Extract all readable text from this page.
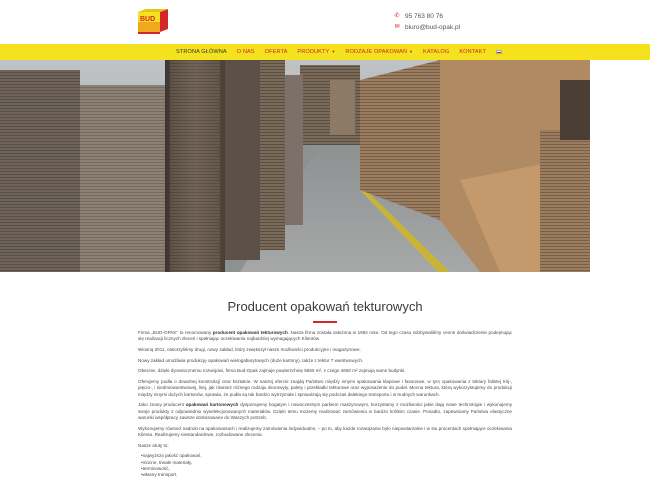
BUD	✆ 95 763 80 76
✉ biuro@bud-opak.pl
STRONA GŁÓWNA	O NAS	OFERTA	PRODUKTY ▼	RODZAJE OPAKOWAŃ ▼	KATALOG	KONTAKT
Producent opakowań tekturowych

Firma „BUD-OPAK" to renomowany producent opakowań tekturowych. Nasza firma została założona w 1992 roku. Od tego czasu zdobywaliśmy cenne doświadczenie podejmując się realizacji licznych zleceń i spełniając oczekiwania najbardziej wymagających Klientów.

Wiosną 2011, otworzyliśmy drugi, nowy zakład, który zwiększył nasze możliwości produkcyjne i magazynowe.

Nowy zakład umożliwia produkcję opakowań wielogabarytowych (duże kartony), także z tektur 7 warstwowych.

Obecnie, dzięki dynamicznemu rozwojowi, firma Bud-Opak zajmuje powierzchnię 5650 m², z czego 4650 m² zajmują same budynki.

Oferujemy pudła o dowolnej konstrukcji oraz kształcie. W naszej ofercie znajdą Państwo między innymi opakowania klapowe i fasonowe, w tym opakowania z tektury falistej trój-, pięcio-, i siedmiowarstwowej, litej, jak również różnego rodzaju skorowyty, palety i przekładki tekturowe oraz wyposażenie do pudeł. Mocna tektura, którą wykorzystujemy do produkcji między innymi dużych kartonów, sprawia, że pudła są tak bardzo wytrzymałe i sprawdzają się podczas dalekiego transportu i w trudnych warunkach.

Jako znany producent opakowań kartonowych dysponujemy bogatym i nowoczesnym parkiem maszynowym, korzystamy z możliwości jakie dają nowe technologie i wykonujemy swoje produkty z odpowiednio wyselekcjonowanych materiałów. Dzięki temu możemy realizować zamówienia w bardzo krótkim czasie. Ponadto, zapewniamy Państwu elastyczne warunki współpracy zawsze dostosowane do Waszych potrzeb.

Wykonujemy również nadruki na opakowaniach i realizujemy zamówienia indywidualne, – po to, aby każde rozwiązanie było niepowtarzalne i w stu procentach spełniające oczekiwania Klienta. Realizujemy niestandardowe, rozbudowane zlecenia.

Nasze atuty to:

• najwyższa jakość opakowań,
• mocne, trwałe materiały,
• terminowość,
• własny transport.
